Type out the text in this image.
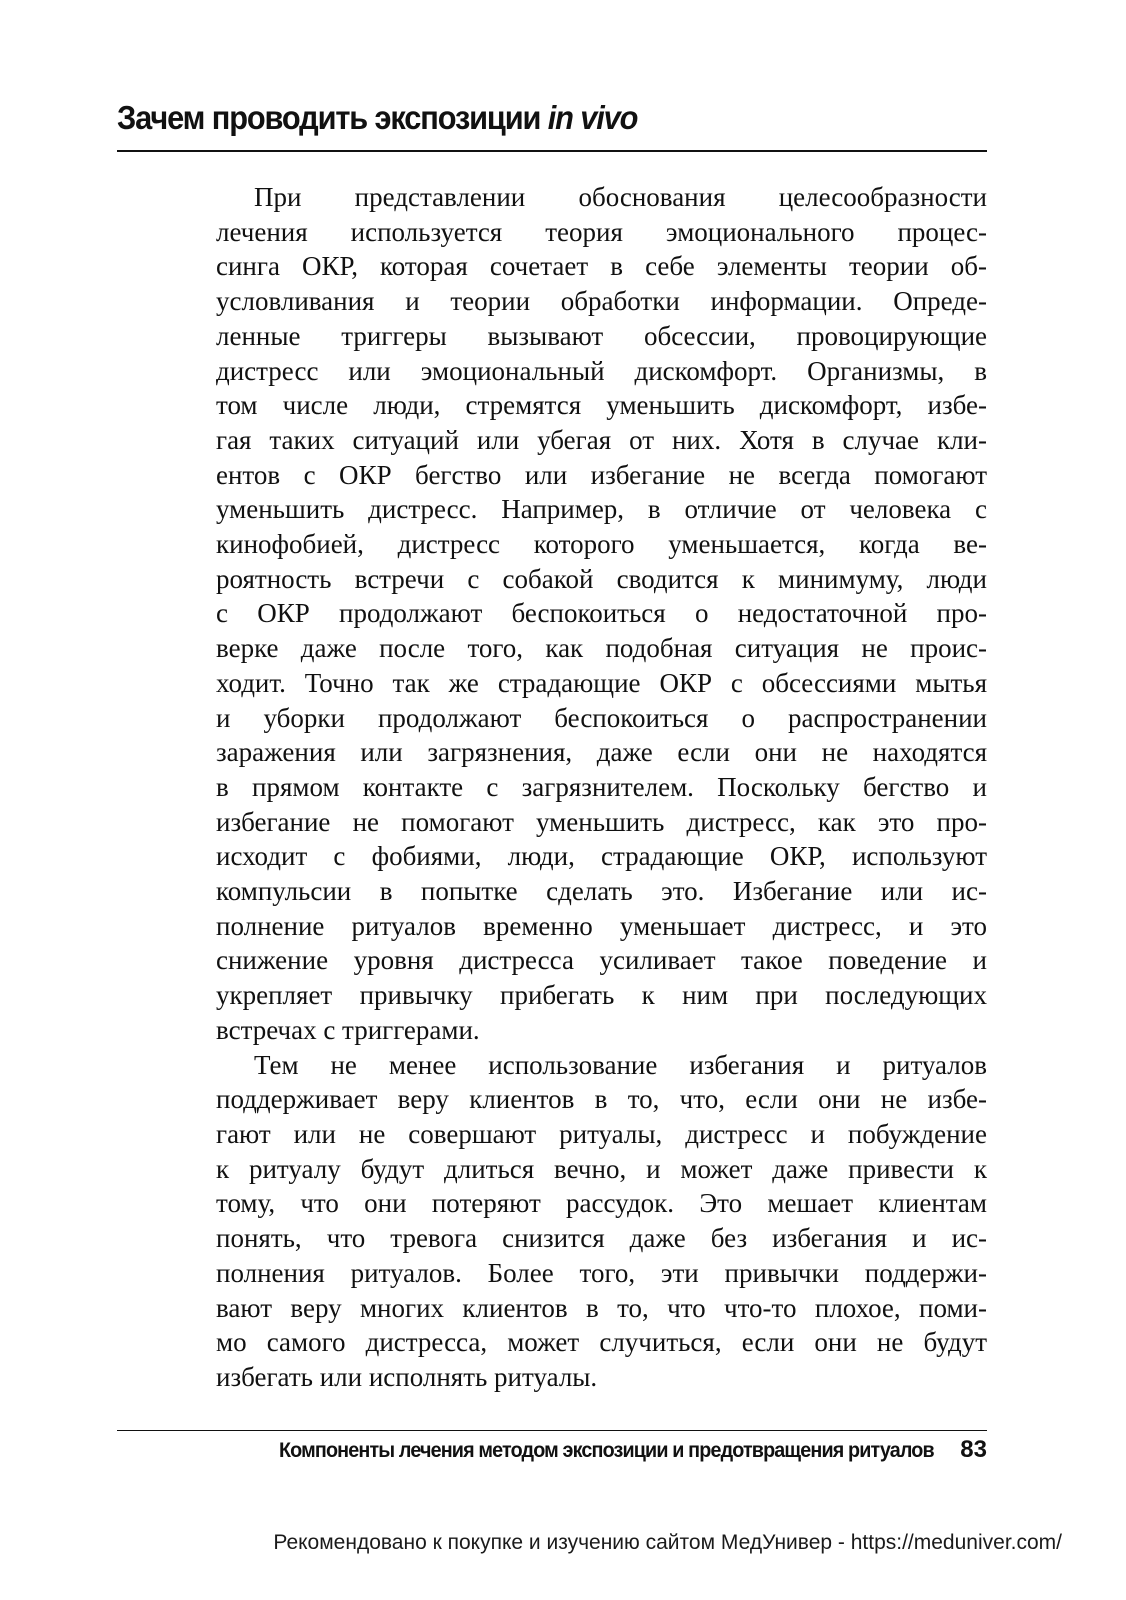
Зачем проводить экспозиции in vivo
При представлении обоснования целесообразности
лечения используется теория эмоционального процес-
синга ОКР, которая сочетает в себе элементы теории об-
условливания и теории обработки информации. Опреде-
ленные триггеры вызывают обсессии, провоцирующие
дистресс или эмоциональный дискомфорт. Организмы, в
том числе люди, стремятся уменьшить дискомфорт, избе-
гая таких ситуаций или убегая от них. Хотя в случае кли-
ентов с ОКР бегство или избегание не всегда помогают
уменьшить дистресс. Например, в отличие от человека с
кинофобией, дистресс которого уменьшается, когда ве-
роятность встречи с собакой сводится к минимуму, люди
с ОКР продолжают беспокоиться о недостаточной про-
верке даже после того, как подобная ситуация не проис-
ходит. Точно так же страдающие ОКР с обсессиями мытья
и уборки продолжают беспокоиться о распространении
заражения или загрязнения, даже если они не находятся
в прямом контакте с загрязнителем. Поскольку бегство и
избегание не помогают уменьшить дистресс, как это про-
исходит с фобиями, люди, страдающие ОКР, используют
компульсии в попытке сделать это. Избегание или ис-
полнение ритуалов временно уменьшает дистресс, и это
снижение уровня дистресса усиливает такое поведение и
укрепляет привычку прибегать к ним при последующих
встречах с триггерами.
Тем не менее использование избегания и ритуалов
поддерживает веру клиентов в то, что, если они не избе-
гают или не совершают ритуалы, дистресс и побуждение
к ритуалу будут длиться вечно, и может даже привести к
тому, что они потеряют рассудок. Это мешает клиентам
понять, что тревога снизится даже без избегания и ис-
полнения ритуалов. Более того, эти привычки поддержи-
вают веру многих клиентов в то, что что-то плохое, поми-
мо самого дистресса, может случиться, если они не будут
избегать или исполнять ритуалы.
Компоненты лечения методом экспозиции и предотвращения ритуалов 83
Рекомендовано к покупке и изучению сайтом МедУнивер - https://meduniver.com/
